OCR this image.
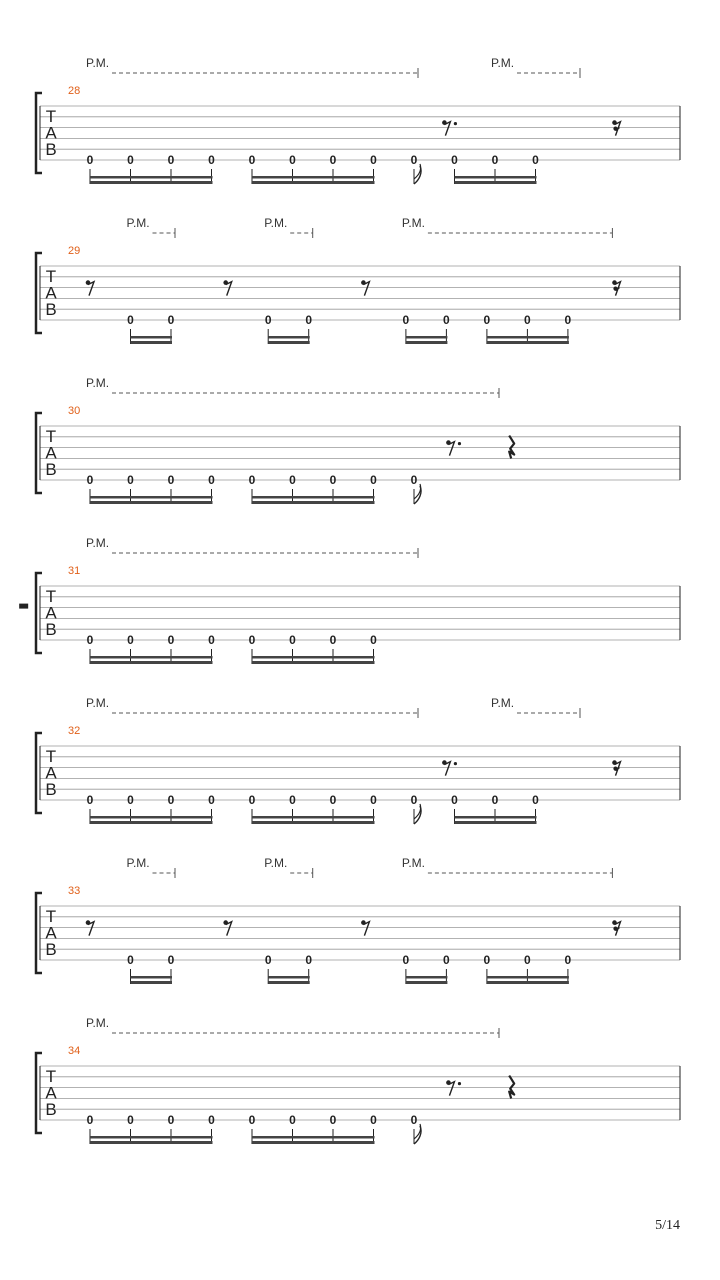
T
A
B
28
P.M.	P.M.
0	0	0	0	0	0	0	0	0	0	0	0
T
A
B
29
P.M.	P.M.	P.M.
0	0	0	0	0	0	0	0	0
T
A
B
30
P.M.
0	0	0	0	0	0	0	0	0
T
A
B
31
P.M.
0	0	0	0	0	0	0	0
T
A
B
32
P.M.	P.M.
0	0	0	0	0	0	0	0	0	0	0	0
T
A
B
33
P.M.	P.M.	P.M.
0	0	0	0	0	0	0	0	0
T
A
B
34
P.M.
0	0	0	0	0	0	0	0	0
5/14
